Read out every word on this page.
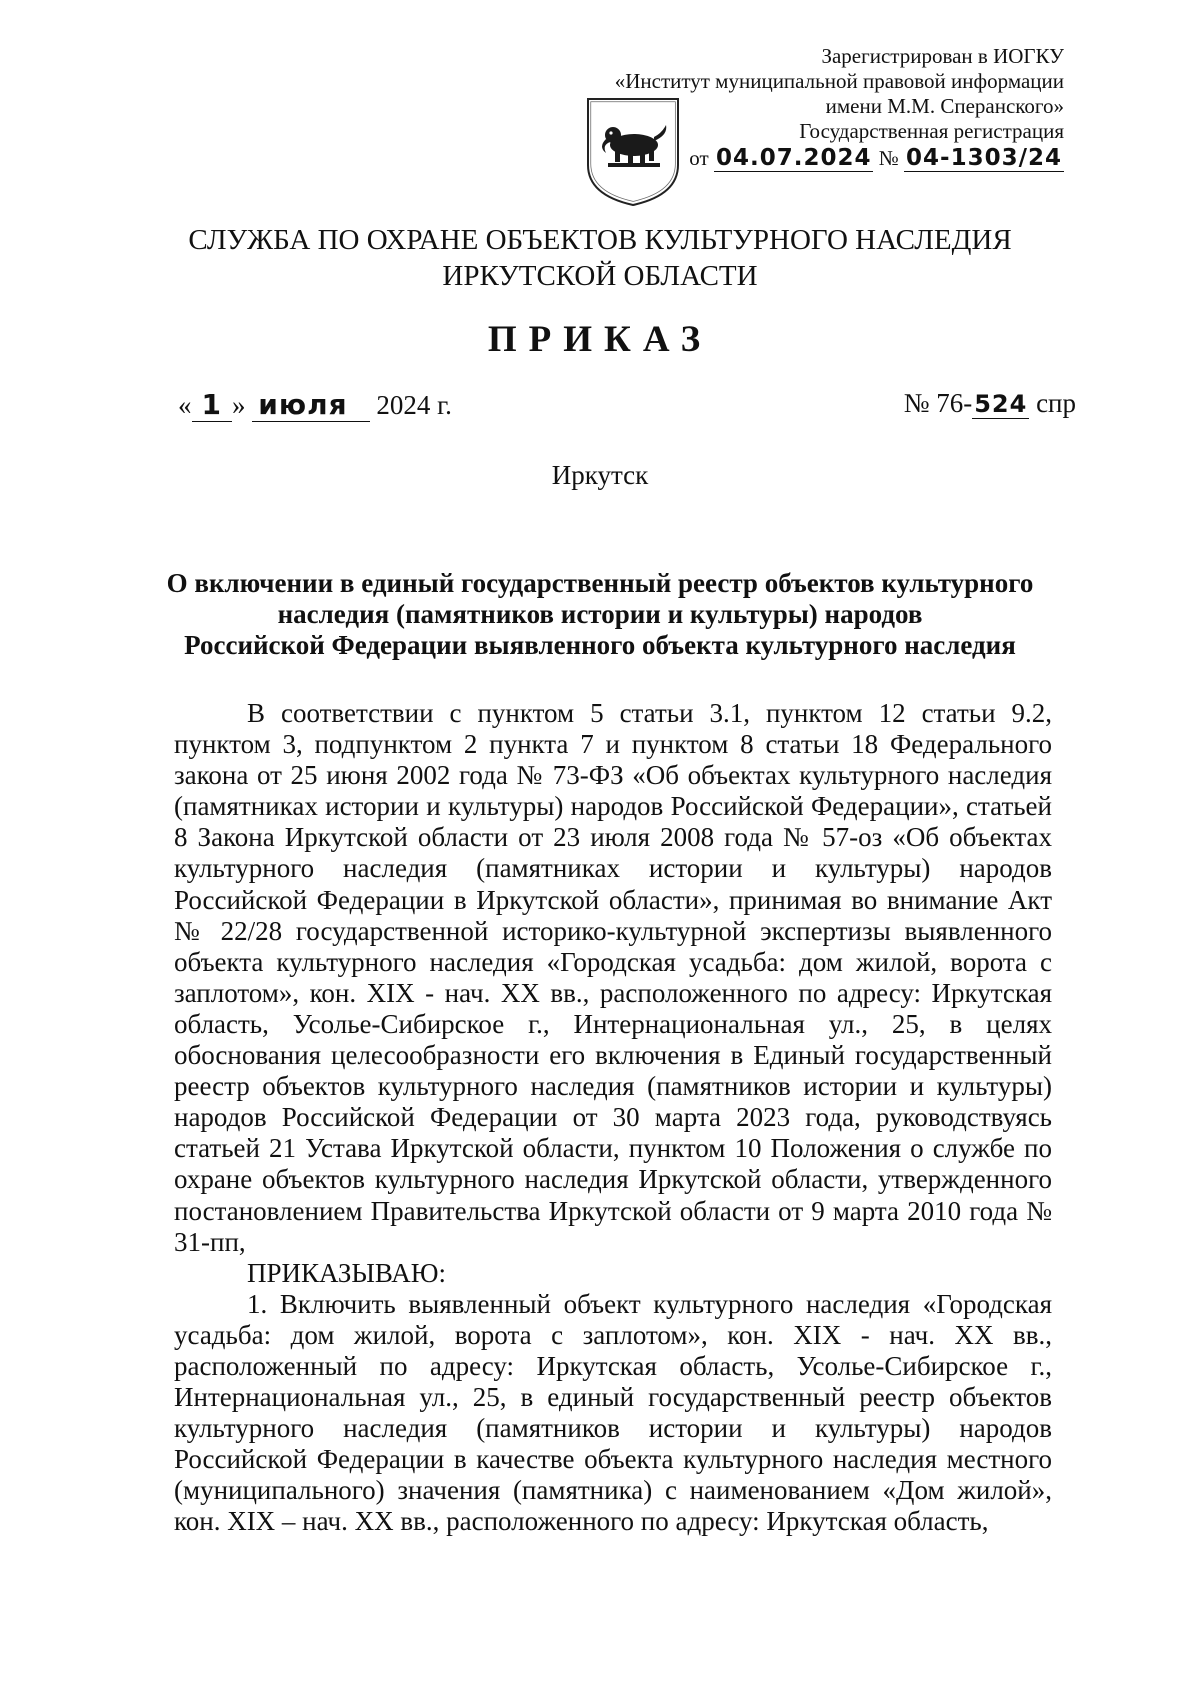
Зарегистрирован в ИОГКУ
«Институт муниципальной правовой информации
имени М.М. Сперанского»
Государственная регистрация
от 04.07.2024 № 04-1303/24
СЛУЖБА ПО ОХРАНЕ ОБЪЕКТОВ КУЛЬТУРНОГО НАСЛЕДИЯ
ИРКУТСКОЙ ОБЛАСТИ
ПРИКАЗ
« 1 » июля 2024 г.	№ 76-524 спр
Иркутск
О включении в единый государственный реестр объектов культурного
наследия (памятников истории и культуры) народов
Российской Федерации выявленного объекта культурного наследия

В соответствии с пунктом 5 статьи 3.1, пунктом 12 статьи 9.2, пунктом 3, подпунктом 2 пункта 7 и пунктом 8 статьи 18 Федерального закона от 25 июня 2002 года № 73-ФЗ «Об объектах культурного наследия (памятниках истории и культуры) народов Российской Федерации», статьей 8 Закона Иркутской области от 23 июля 2008 года № 57-оз «Об объектах культурного наследия (памятниках истории и культуры) народов Российской Федерации в Иркутской области», принимая во внимание Акт № 22/28 государственной историко-культурной экспертизы выявленного объекта культурного наследия «Городская усадьба: дом жилой, ворота с заплотом», кон. XIX - нач. XX вв., расположенного по адресу: Иркутская область, Усолье-Сибирское г., Интернациональная ул., 25, в целях обоснования целесообразности его включения в Единый государственный реестр объектов культурного наследия (памятников истории и культуры) народов Российской Федерации от 30 марта 2023 года, руководствуясь статьей 21 Устава Иркутской области, пунктом 10 Положения о службе по охране объектов культурного наследия Иркутской области, утвержденного постановлением Правительства Иркутской области от 9 марта 2010 года № 31-пп,

ПРИКАЗЫВАЮ:

1. Включить выявленный объект культурного наследия «Городская усадьба: дом жилой, ворота с заплотом», кон. XIX - нач. XX вв., расположенный по адресу: Иркутская область, Усолье-Сибирское г., Интернациональная ул., 25, в единый государственный реестр объектов культурного наследия (памятников истории и культуры) народов Российской Федерации в качестве объекта культурного наследия местного (муниципального) значения (памятника) с наименованием «Дом жилой», кон. XIX – нач. XX вв., расположенного по адресу: Иркутская область,
